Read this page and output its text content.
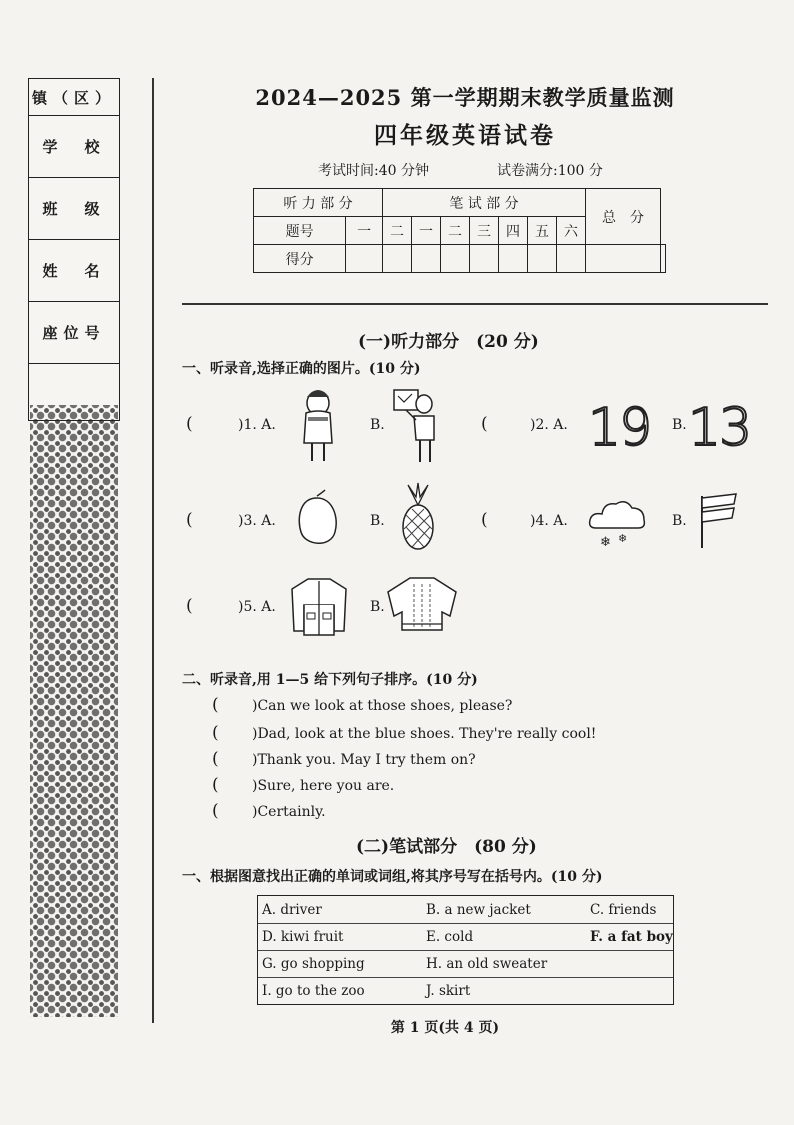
镇（区）
学　校
班　级
姓　名
座位号
2024—2025 第一学期期末教学质量监测
四年级英语试卷
考试时间:40 分钟	试卷满分:100 分
听 力 部 分		笔 试 部 分							总　分	
题号	一	二	一	二	三	四	五	六		
得分										
(一)听力部分　(20 分)
一、听录音,选择正确的图片。(10 分)
(	)1. A.	B.	(	)2. A. 19 B. 13
(	)3. A.	B.	(	)4. A.
❄ ❄
B.
(	)5. A.	B.
二、听录音,用 1—5 给下列句子排序。(10 分)
( )Can we look at those shoes, please?
( )Dad, look at the blue shoes. They're really cool!
( )Thank you. May I try them on?
( )Sure, here you are.
( )Certainly.
(二)笔试部分　(80 分)
一、根据图意找出正确的单词或词组,将其序号写在括号内。(10 分)
A. driver	B. a new jacket	C. friends
D. kiwi fruit	E. cold	F. a fat boy
G. go shopping	H. an old sweater
I. go to the zoo	J. skirt
第 1 页(共 4 页)
